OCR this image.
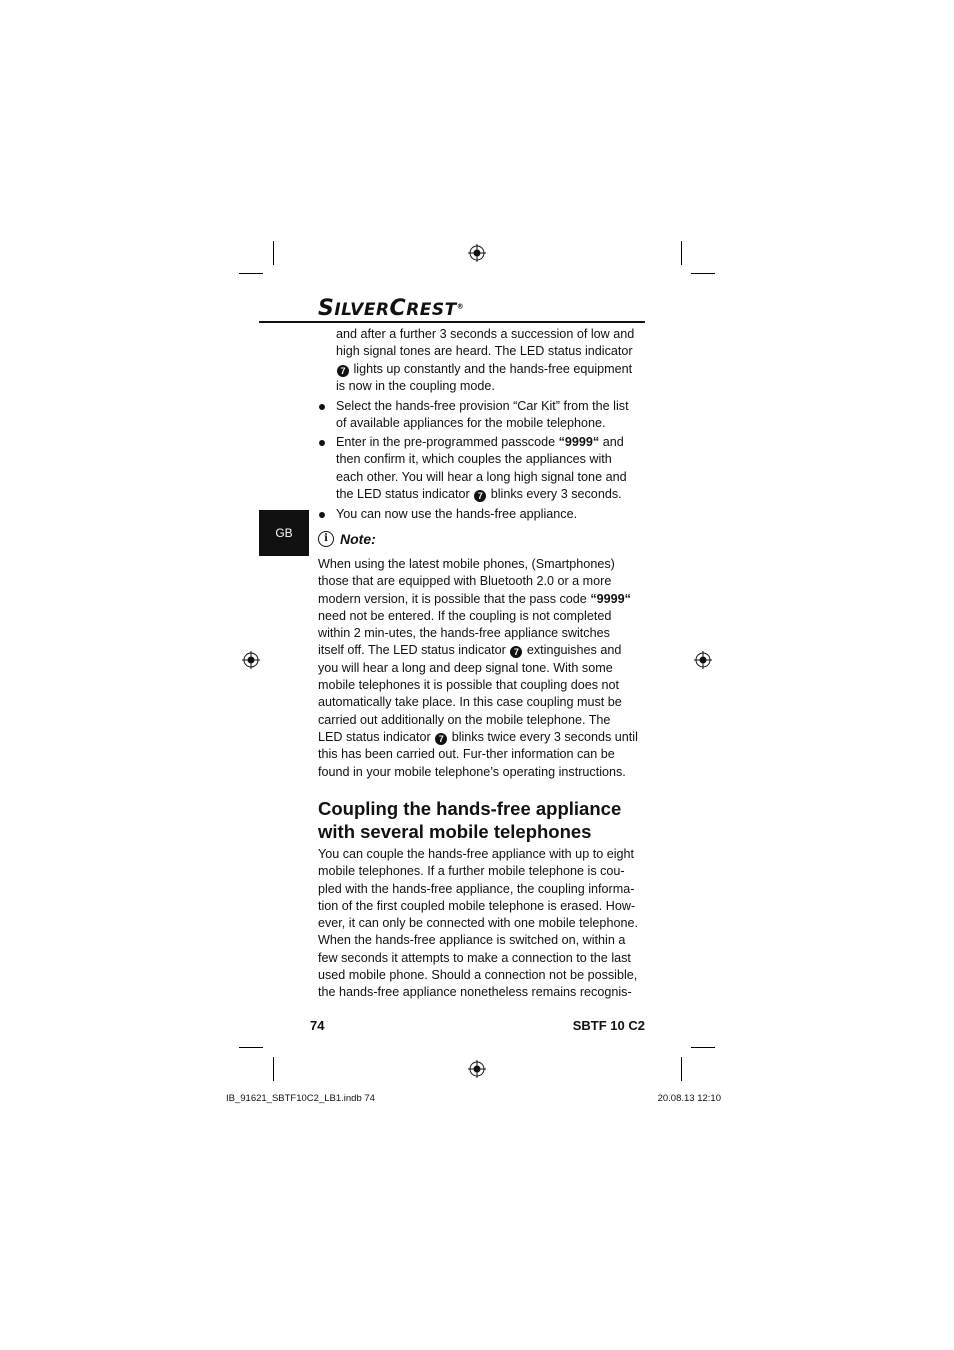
SILVERCREST®
and after a further 3 seconds a succession of low and high signal tones are heard. The LED status indicator 7 lights up constantly and the hands-free equipment is now in the coupling mode.
Select the hands-free provision “Car Kit” from the list of available appliances for the mobile telephone.
Enter in the pre-programmed passcode “9999“ and then confirm it, which couples the appliances with each other. You will hear a long high signal tone and the LED status indicator 7 blinks every 3 seconds.
You can now use the hands-free appliance.
GB	i Note:
When using the latest mobile phones, (Smartphones) those that are equipped with Bluetooth 2.0 or a more modern version, it is possible that the pass code “9999“ need not be entered. If the coupling is not completed within 2 min-utes, the hands-free appliance switches itself off. The LED status indicator 7 extinguishes and you will hear a long and deep signal tone. With some mobile telephones it is possible that coupling does not automatically take place. In this case coupling must be carried out additionally on the mobile telephone. The LED status indicator 7 blinks twice every 3 seconds until this has been carried out. Fur-ther information can be found in your mobile telephone’s operating instructions.
Coupling the hands-free appliance with several mobile telephones
You can couple the hands-free appliance with up to eight mobile telephones. If a further mobile telephone is cou-pled with the hands-free appliance, the coupling informa-tion of the first coupled mobile telephone is erased. How-ever, it can only be connected with one mobile telephone. When the hands-free appliance is switched on, within a few seconds it attempts to make a connection to the last used mobile phone. Should a connection not be possible, the hands-free appliance nonetheless remains recognis-
74	SBTF 10 C2
IB_91621_SBTF10C2_LB1.indb 74	20.08.13 12:10
